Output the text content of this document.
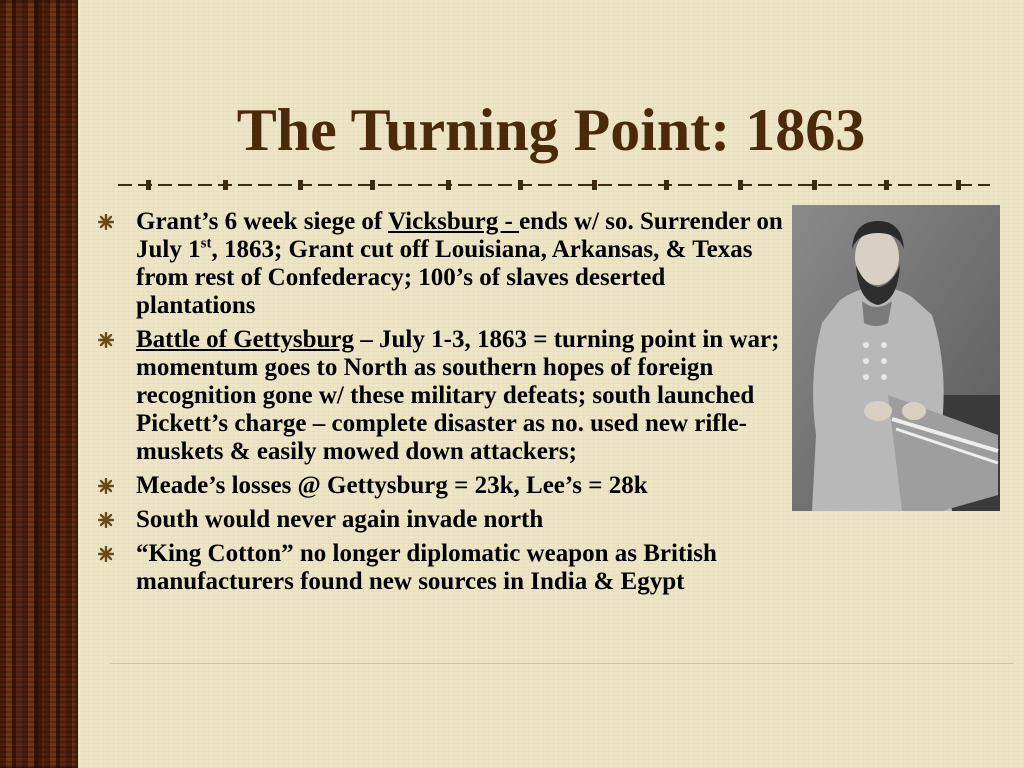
The Turning Point: 1863
Grant’s 6 week siege of Vicksburg - ends w/ so. Surrender on July 1st, 1863; Grant cut off Louisiana, Arkansas, & Texas from rest of Confederacy; 100’s of slaves deserted plantations
Battle of Gettysburg – July 1-3, 1863 = turning point in war; momentum goes to North as southern hopes of foreign recognition gone w/ these military defeats; south launched Pickett’s charge – complete disaster as no. used new rifle-muskets & easily mowed down attackers;
Meade’s losses @ Gettysburg = 23k, Lee’s = 28k
South would never again invade north
“King Cotton” no longer diplomatic weapon as British manufacturers found new sources in India & Egypt
